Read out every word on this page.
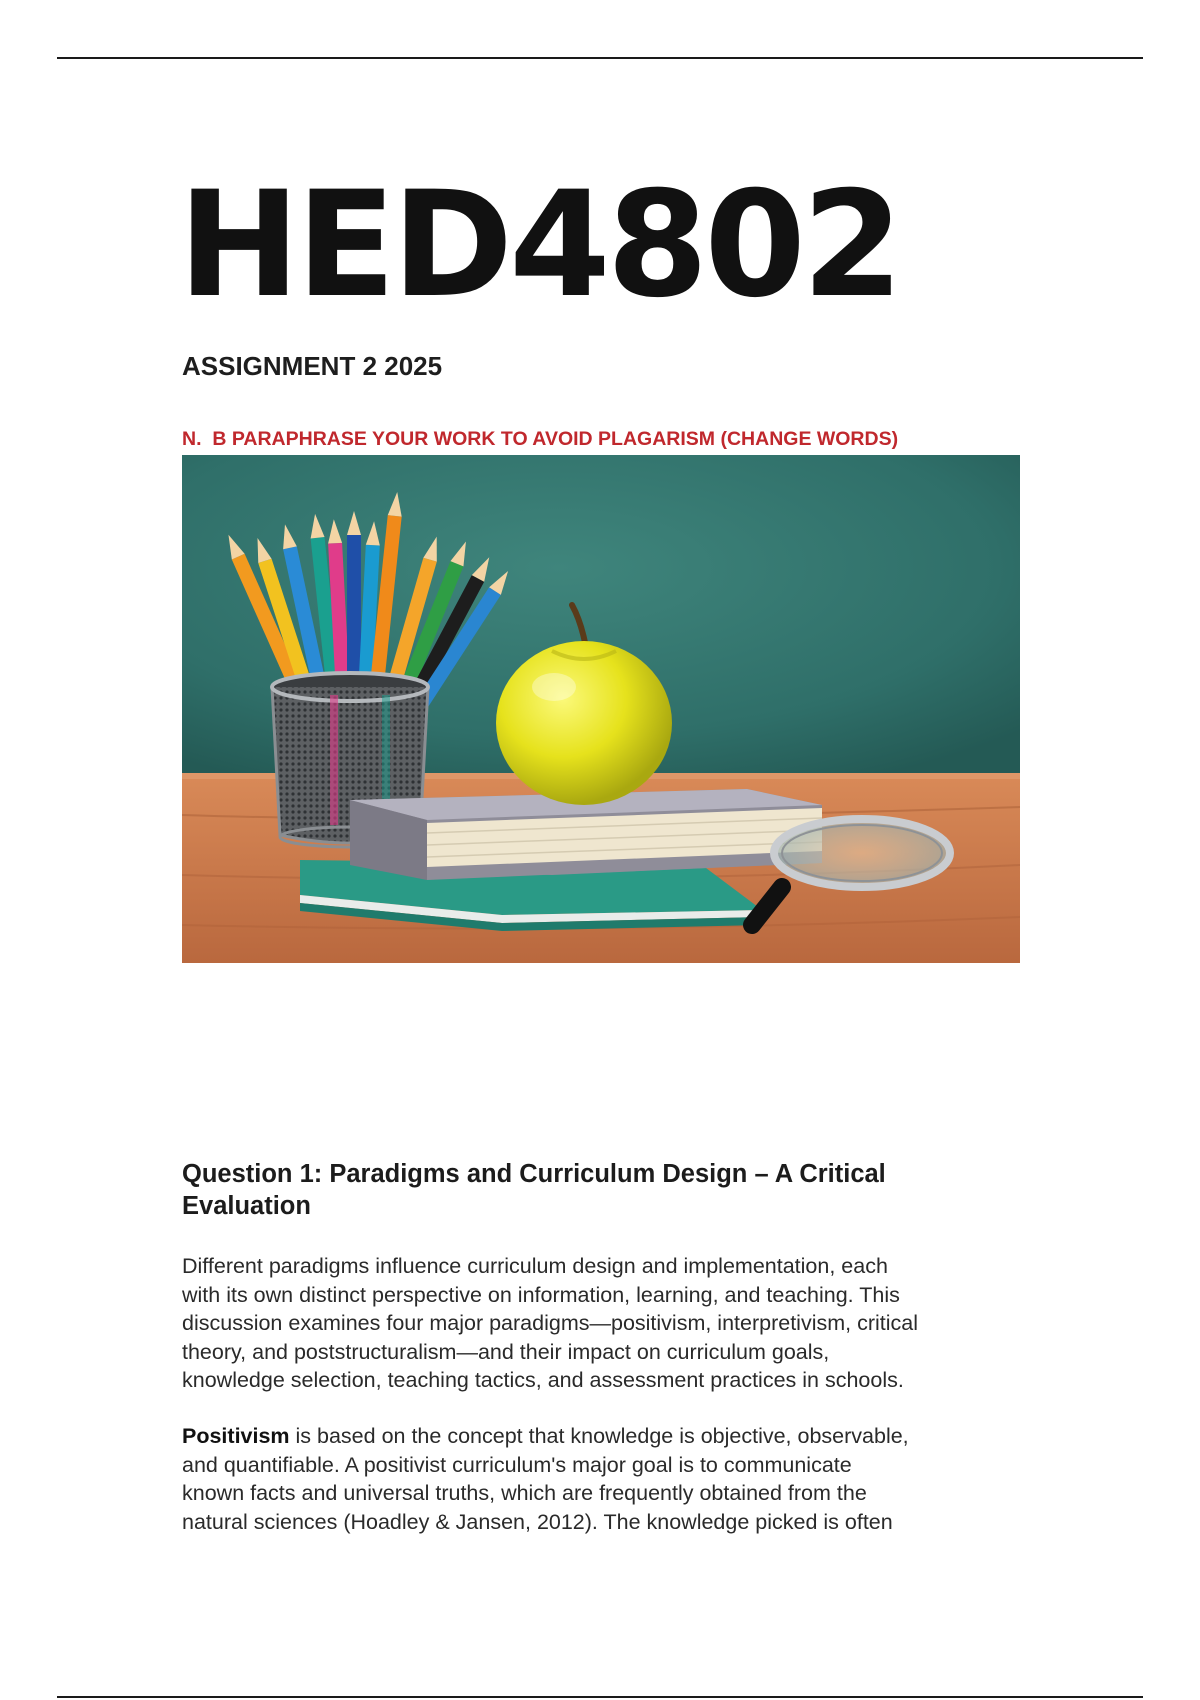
HED4802
ASSIGNMENT 2 2025

N.  B PARAPHRASE YOUR WORK TO AVOID PLAGARISM (CHANGE WORDS)

Question 1: Paradigms and Curriculum Design – A Critical
Evaluation

Different paradigms influence curriculum design and implementation, each
with its own distinct perspective on information, learning, and teaching. This
discussion examines four major paradigms—positivism, interpretivism, critical
theory, and poststructuralism—and their impact on curriculum goals,
knowledge selection, teaching tactics, and assessment practices in schools.

Positivism is based on the concept that knowledge is objective, observable,
and quantifiable. A positivist curriculum's major goal is to communicate
known facts and universal truths, which are frequently obtained from the
natural sciences (Hoadley & Jansen, 2012). The knowledge picked is often
